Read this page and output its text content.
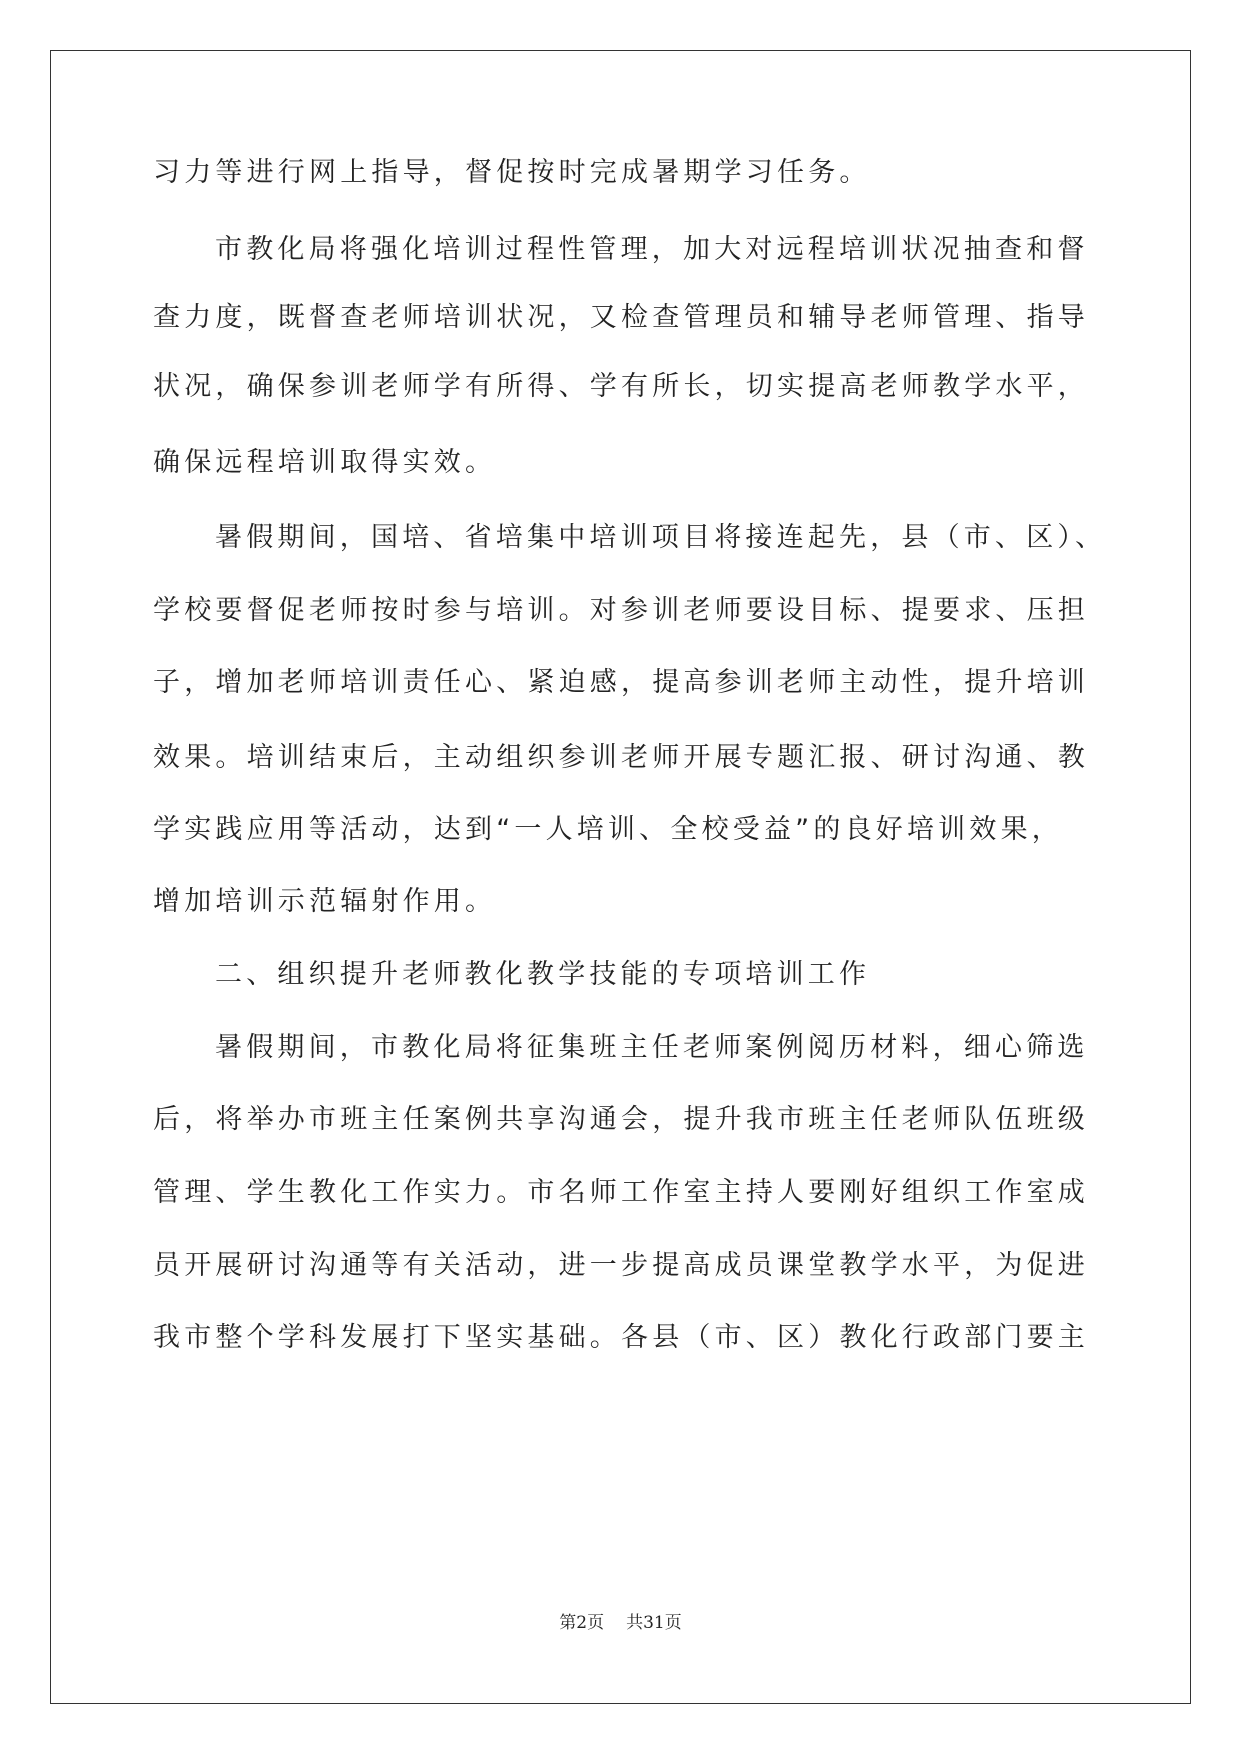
习力等进行网上指导，督促按时完成暑期学习任务。
市教化局将强化培训过程性管理，加大对远程培训状况抽查和督
查力度，既督查老师培训状况，又检查管理员和辅导老师管理、指导
状况，确保参训老师学有所得、学有所长，切实提高老师教学水平，
确保远程培训取得实效。
暑假期间，国培、省培集中培训项目将接连起先，县（市、区）、
学校要督促老师按时参与培训。对参训老师要设目标、提要求、压担
子，增加老师培训责任心、紧迫感，提高参训老师主动性，提升培训
效果。培训结束后，主动组织参训老师开展专题汇报、研讨沟通、教
学实践应用等活动，达到“一人培训、全校受益”的良好培训效果，
增加培训示范辐射作用。
二、组织提升老师教化教学技能的专项培训工作
暑假期间，市教化局将征集班主任老师案例阅历材料，细心筛选
后，将举办市班主任案例共享沟通会，提升我市班主任老师队伍班级
管理、学生教化工作实力。市名师工作室主持人要刚好组织工作室成
员开展研讨沟通等有关活动，进一步提高成员课堂教学水平，为促进
我市整个学科发展打下坚实基础。各县（市、区）教化行政部门要主
第2页 共31页
